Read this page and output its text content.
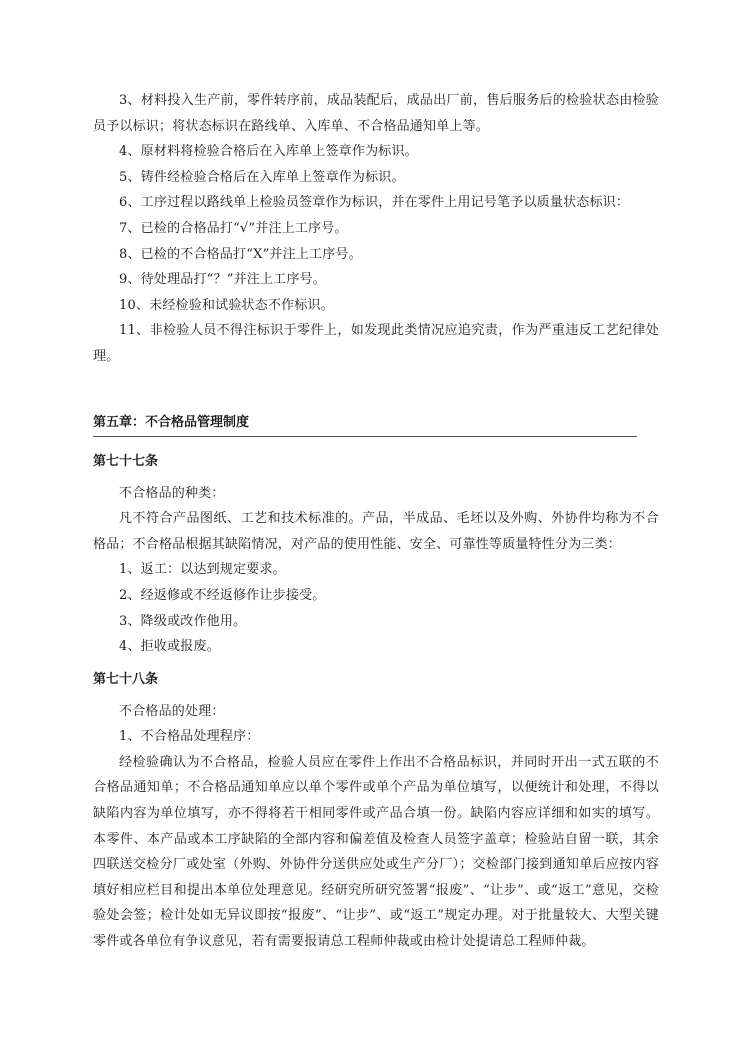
3、材料投入生产前，零件转序前，成品装配后，成品出厂前，售后服务后的检验状态由检验员予以标识；将状态标识在路线单、入库单、不合格品通知单上等。

4、原材料将检验合格后在入库单上签章作为标识。

5、铸件经检验合格后在入库单上签章作为标识。

6、工序过程以路线单上检验员签章作为标识，并在零件上用记号笔予以质量状态标识：

7、已检的合格品打“√”并注上工序号。

8、已检的不合格品打“X”并注上工序号。

9、待处理品打“？”并注上工序号。

10、未经检验和试验状态不作标识。

11、非检验人员不得注标识于零件上，如发现此类情况应追究责，作为严重违反工艺纪律处理。

第五章：不合格品管理制度

第七十七条

不合格品的种类：

凡不符合产品图纸、工艺和技术标准的。产品，半成品、毛坯以及外购、外协件均称为不合格品；不合格品根据其缺陷情况，对产品的使用性能、安全、可靠性等质量特性分为三类：

1、返工：以达到规定要求。

2、经返修或不经返修作让步接受。

3、降级或改作他用。

4、拒收或报废。

第七十八条

不合格品的处理：

1、不合格品处理程序：

经检验确认为不合格品，检验人员应在零件上作出不合格品标识，并同时开出一式五联的不合格品通知单；不合格品通知单应以单个零件或单个产品为单位填写，以便统计和处理，不得以缺陷内容为单位填写，亦不得将若干相同零件或产品合填一份。缺陷内容应详细和如实的填写。本零件、本产品或本工序缺陷的全部内容和偏差值及检查人员签字盖章；检验站自留一联，其余四联送交检分厂或处室（外购、外协件分送供应处或生产分厂）；交检部门接到通知单后应按内容填好相应栏目和提出本单位处理意见。经研究所研究签署“报废”、“让步”、或“返工”意见，交检验处会签；检计处如无异议即按“报废”、“让步”、或“返工”规定办理。对于批量较大、大型关键零件或各单位有争议意见，若有需要报请总工程师仲裁或由检计处提请总工程师仲裁。
